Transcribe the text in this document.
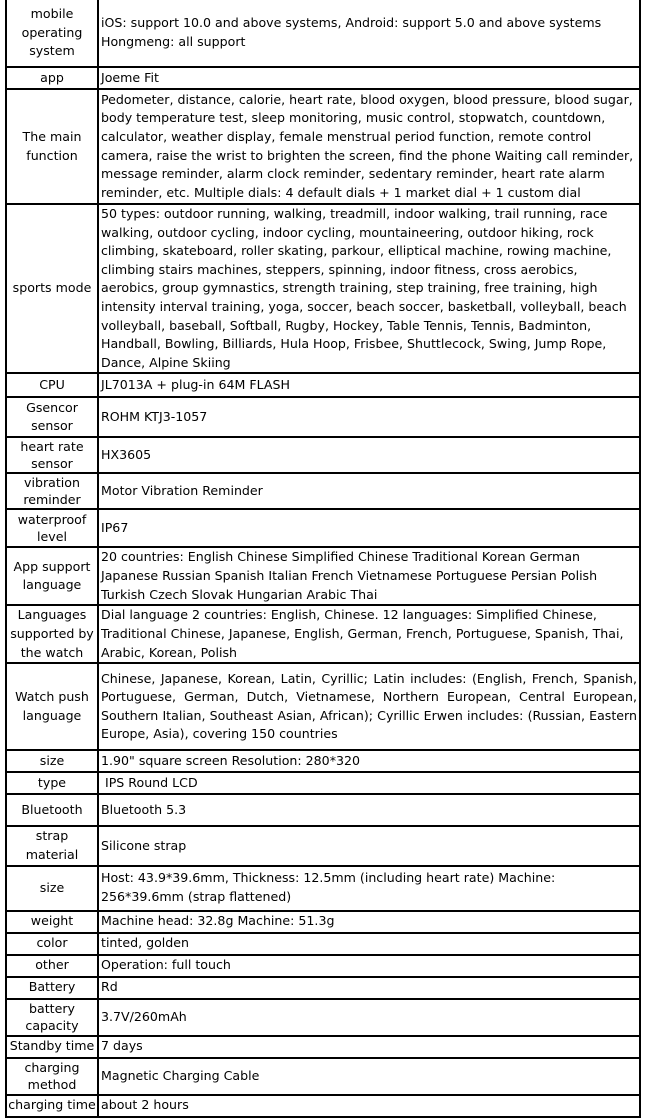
mobile operating system	iOS: support 10.0 and above systems, Android: support 5.0 and above systems Hongmeng: all support

app	Joeme Fit

The main function	Pedometer, distance, calorie, heart rate, blood oxygen, blood pressure, blood sugar, body temperature test, sleep monitoring, music control, stopwatch, countdown, calculator, weather display, female menstrual period function, remote control camera, raise the wrist to brighten the screen, find the phone Waiting call reminder, message reminder, alarm clock reminder, sedentary reminder, heart rate alarm reminder, etc. Multiple dials: 4 default dials + 1 market dial + 1 custom dial

sports mode	50 types: outdoor running, walking, treadmill, indoor walking, trail running, race walking, outdoor cycling, indoor cycling, mountaineering, outdoor hiking, rock climbing, skateboard, roller skating, parkour, elliptical machine, rowing machine, climbing stairs machines, steppers, spinning, indoor fitness, cross aerobics, aerobics, group gymnastics, strength training, step training, free training, high intensity interval training, yoga, soccer, beach soccer, basketball, volleyball, beach volleyball, baseball, Softball, Rugby, Hockey, Table Tennis, Tennis, Badminton, Handball, Bowling, Billiards, Hula Hoop, Frisbee, Shuttlecock, Swing, Jump Rope, Dance, Alpine Skiing

CPU	JL7013A + plug-in 64M FLASH

Gsencor sensor	ROHM KTJ3-1057

heart rate sensor	HX3605

vibration reminder	Motor Vibration Reminder

waterproof level	IP67

App support language	20 countries: English Chinese Simplified Chinese Traditional Korean German Japanese Russian Spanish Italian French Vietnamese Portuguese Persian Polish Turkish Czech Slovak Hungarian Arabic Thai

Languages supported by the watch	Dial language 2 countries: English, Chinese. 12 languages: Simplified Chinese, Traditional Chinese, Japanese, English, German, French, Portuguese, Spanish, Thai, Arabic, Korean, Polish

Watch push language	Chinese, Japanese, Korean, Latin, Cyrillic; Latin includes: (English, French, Spanish, Portuguese, German, Dutch, Vietnamese, Northern European, Central European, Southern Italian, Southeast Asian, African); Cyrillic Erwen includes: (Russian, Eastern Europe, Asia), covering 150 countries

size	1.90" square screen Resolution: 280*320

type	IPS Round LCD

Bluetooth	Bluetooth 5.3

strap material	Silicone strap

size	Host: 43.9*39.6mm, Thickness: 12.5mm (including heart rate) Machine: 256*39.6mm (strap flattened)

weight	Machine head: 32.8g Machine: 51.3g

color	tinted, golden

other	Operation: full touch

Battery	Rd

battery capacity	3.7V/260mAh

Standby time	7 days

charging method	Magnetic Charging Cable

charging time	about 2 hours
